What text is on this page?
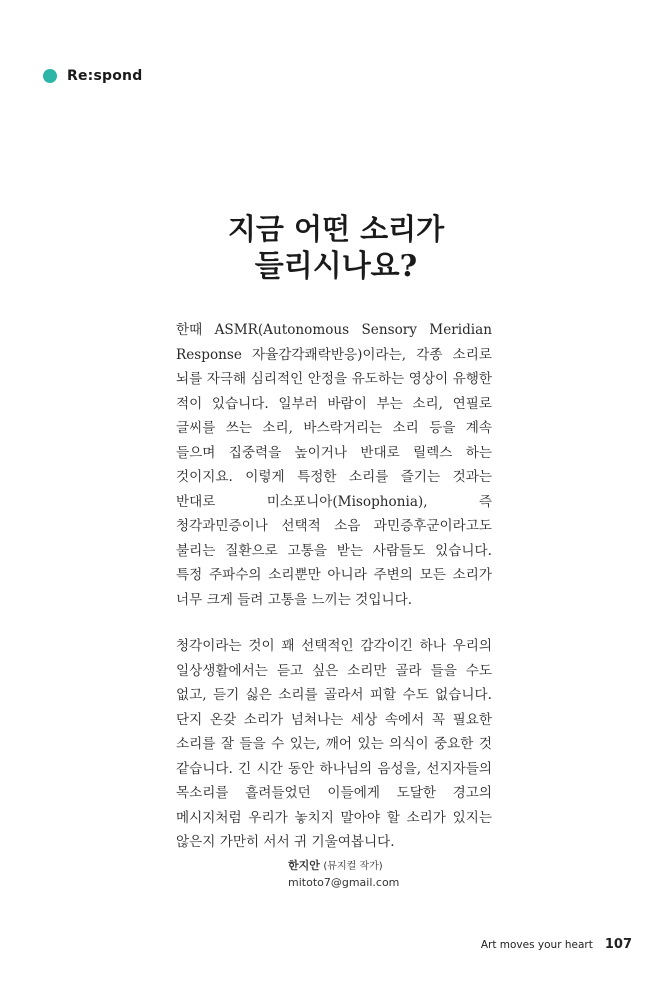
Re:spond
지금 어떤 소리가
들리시나요?

한때 ASMR(Autonomous Sensory Meridian Response 자율감각쾌락반응)이라는, 각종 소리로 뇌를 자극해 심리적인 안정을 유도하는 영상이 유행한 적이 있습니다. 일부러 바람이 부는 소리, 연필로 글씨를 쓰는 소리, 바스락거리는 소리 등을 계속 들으며 집중력을 높이거나 반대로 릴렉스 하는 것이지요. 이렇게 특정한 소리를 즐기는 것과는 반대로 미소포니아(Misophonia), 즉 청각과민증이나 선택적 소음 과민증후군이라고도 불리는 질환으로 고통을 받는 사람들도 있습니다. 특정 주파수의 소리뿐만 아니라 주변의 모든 소리가 너무 크게 들려 고통을 느끼는 것입니다.

청각이라는 것이 꽤 선택적인 감각이긴 하나 우리의 일상생활에서는 듣고 싶은 소리만 골라 들을 수도 없고, 듣기 싫은 소리를 골라서 피할 수도 없습니다. 단지 온갖 소리가 넘쳐나는 세상 속에서 꼭 필요한 소리를 잘 들을 수 있는, 깨어 있는 의식이 중요한 것 같습니다. 긴 시간 동안 하나님의 음성을, 선지자들의 목소리를 흘려들었던 이들에게 도달한 경고의 메시지처럼 우리가 놓치지 말아야 할 소리가 있지는 않은지 가만히 서서 귀 기울여봅니다.

한지안 (뮤지컬 작가)
mitoto7@gmail.com
Art moves your heart 107
